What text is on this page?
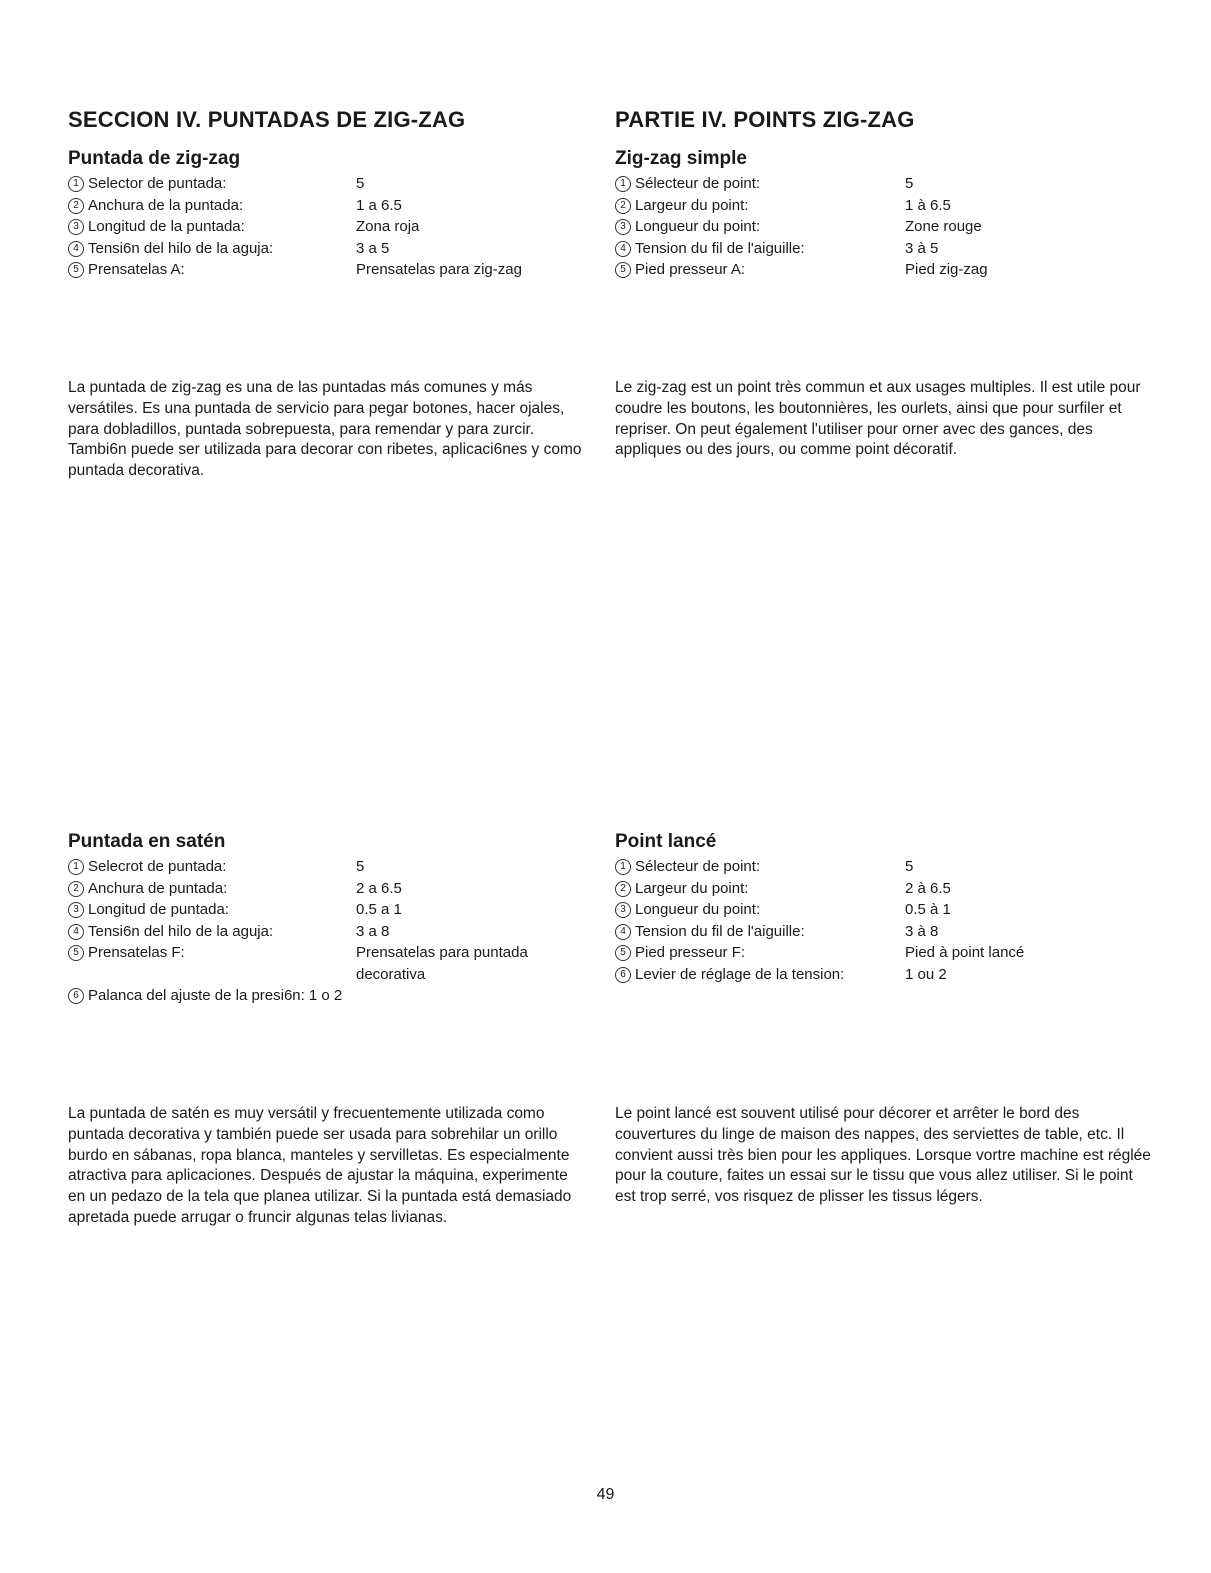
SECCION IV. PUNTADAS DE ZIG-ZAG	PARTIE IV. POINTS ZIG-ZAG
Puntada de zig-zag
1 Selector de puntada:	5
2 Anchura de la puntada:	1 a 6.5
3 Longitud de la puntada:	Zona roja
4 Tensi6n del hilo de la aguja:	3 a 5
5 Prensatelas A:	Prensatelas para zig-zag
Zig-zag simple
1 Sélecteur de point:	5
2 Largeur du point:	1 à 6.5
3 Longueur du point:	Zone rouge
4 Tension du fil de l'aiguille:	3 à 5
5 Pied presseur A:	Pied zig-zag

La puntada de zig-zag es una de las puntadas más comunes y más versátiles. Es una puntada de servicio para pegar botones, hacer ojales, para dobladillos, puntada sobrepuesta, para remendar y para zurcir. Tambi6n puede ser utilizada para decorar con ribetes, aplicaci6nes y como puntada decorativa.

Le zig-zag est un point très commun et aux usages multiples. Il est utile pour coudre les boutons, les boutonnières, les ourlets, ainsi que pour surfiler et repriser. On peut également l'utiliser pour orner avec des gances, des appliques ou des jours, ou comme point décoratif.

Puntada en satén
1 Selecrot de puntada:	5
2 Anchura de puntada:	2 a 6.5
3 Longitud de puntada:	0.5 a 1
4 Tensi6n del hilo de la aguja:	3 a 8
5 Prensatelas F:	Prensatelas para puntada decorativa
6 Palanca del ajuste de la presi6n: 1 o 2
Point lancé
1 Sélecteur de point:	5
2 Largeur du point:	2 à 6.5
3 Longueur du point:	0.5 à 1
4 Tension du fil de l'aiguille:	3 à 8
5 Pied presseur F:	Pied à point lancé
6 Levier de réglage de la tension:	1 ou 2

La puntada de satén es muy versátil y frecuentemente utilizada como puntada decorativa y también puede ser usada para sobrehilar un orillo burdo en sábanas, ropa blanca, manteles y servilletas. Es especialmente atractiva para aplicaciones. Después de ajustar la máquina, experimente en un pedazo de la tela que planea utilizar. Si la puntada está demasiado apretada puede arrugar o fruncir algunas telas livianas.

Le point lancé est souvent utilisé pour décorer et arrêter le bord des couvertures du linge de maison des nappes, des serviettes de table, etc. Il convient aussi très bien pour les appliques. Lorsque vortre machine est réglée pour la couture, faites un essai sur le tissu que vous allez utiliser. Si le point est trop serré, vos risquez de plisser les tissus légers.

49
